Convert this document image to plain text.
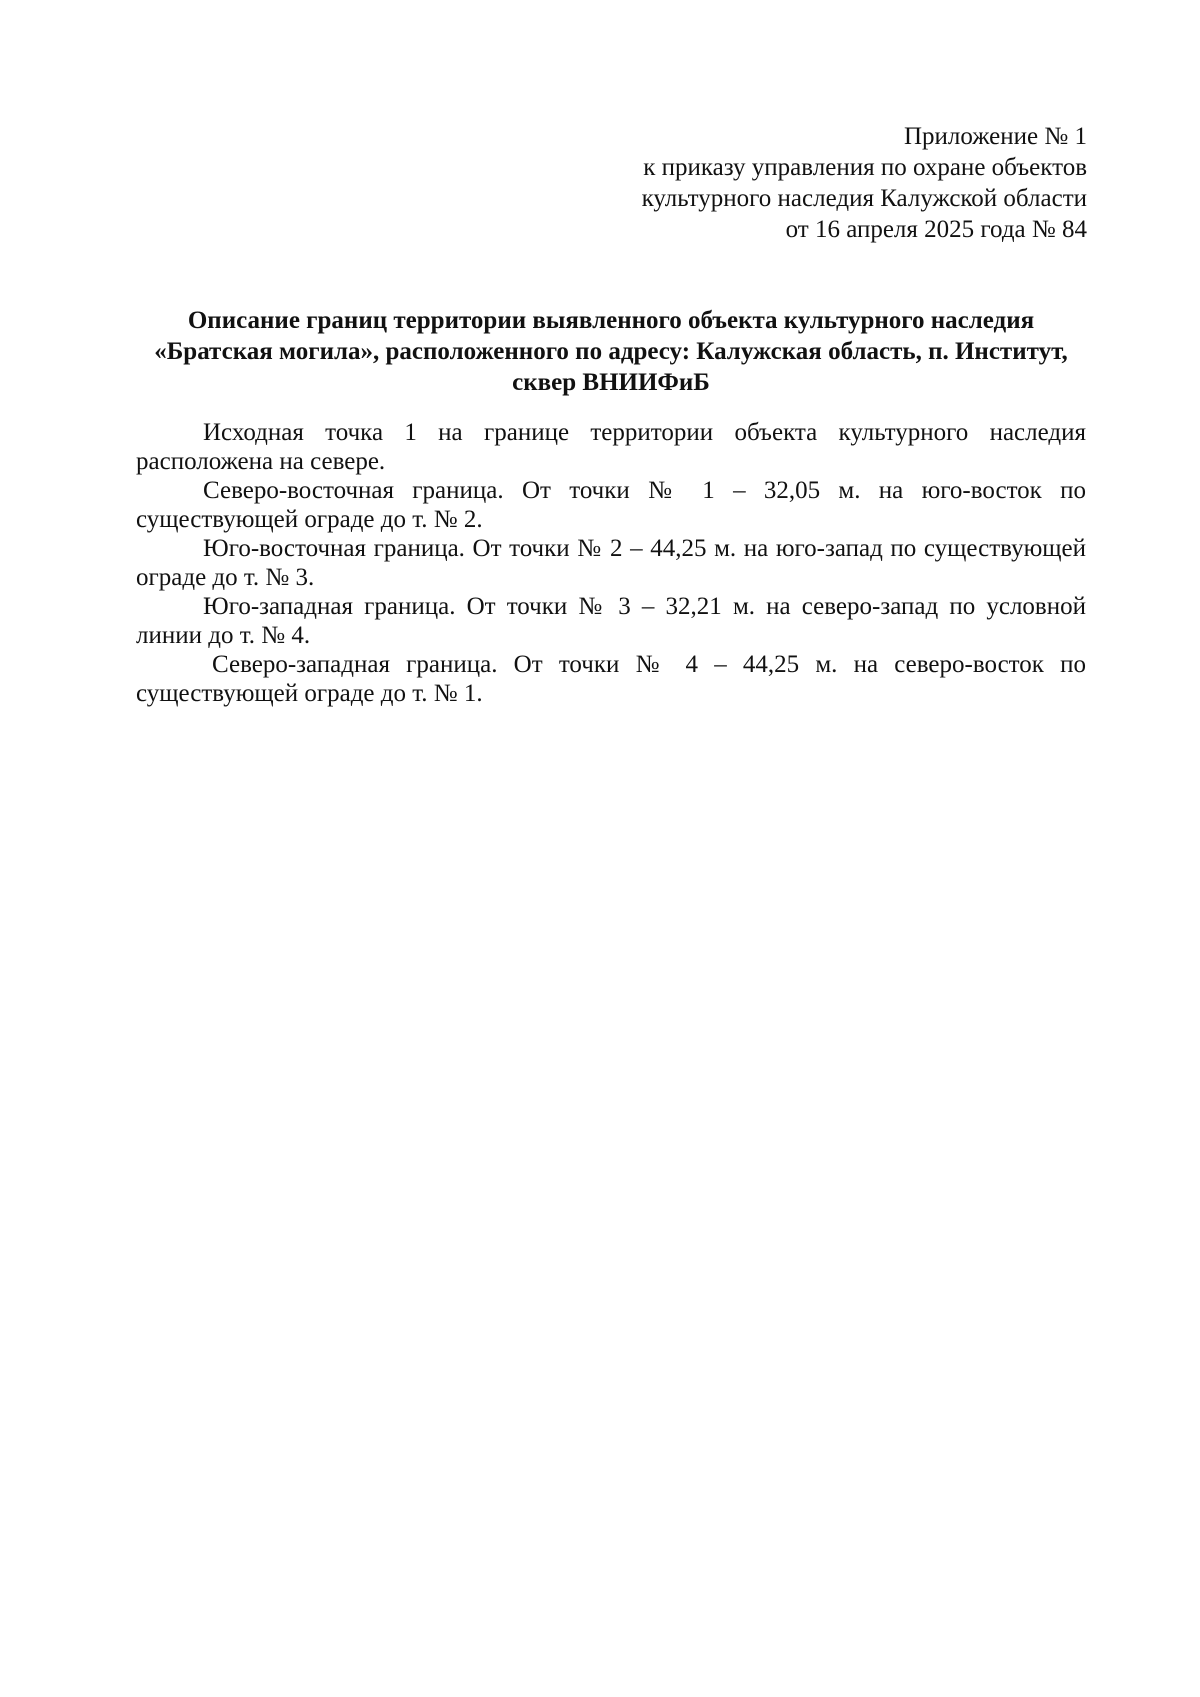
Приложение № 1
к приказу управления по охране объектов
культурного наследия Калужской области
от 16 апреля 2025 года № 84
Описание границ территории выявленного объекта культурного наследия
«Братская могила», расположенного по адресу: Калужская область, п. Институт,
сквер ВНИИФиБ

Исходная точка 1 на границе территории объекта культурного наследия расположена на севере.

Северо-восточная граница. От точки № 1 – 32,05 м. на юго-восток по существующей ограде до т. № 2.

Юго-восточная граница. От точки № 2 – 44,25 м. на юго-запад по существующей ограде до т. № 3.

Юго-западная граница. От точки № 3 – 32,21 м. на северо-запад по условной линии до т. № 4.

Северо-западная граница. От точки № 4 – 44,25 м. на северо-восток по существующей ограде до т. № 1.
